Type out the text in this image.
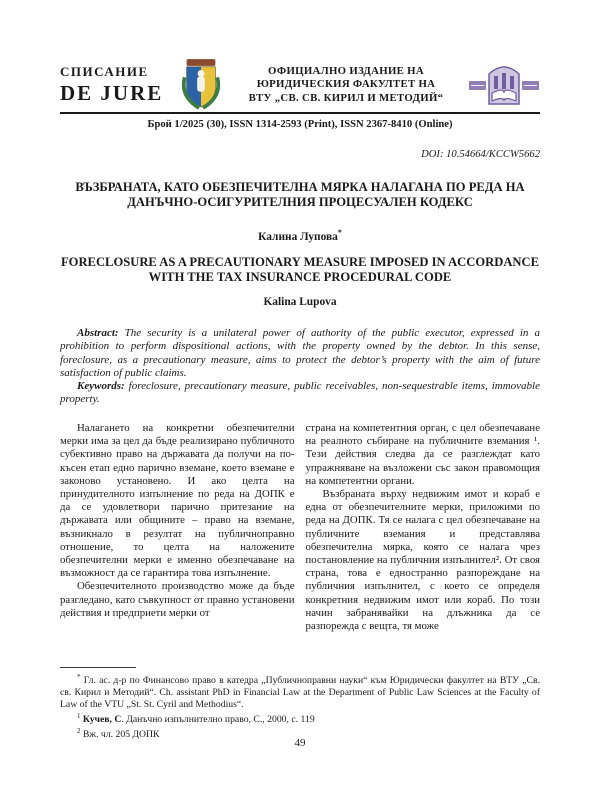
СПИСАНИЕ
DE JURE
ОФИЦИАЛНО ИЗДАНИЕ НА
ЮРИДИЧЕСКИЯ ФАКУЛТЕТ НА
ВТУ „СВ. СВ. КИРИЛ И МЕТОДИЙ“
Брой 1/2025 (30), ISSN 1314-2593 (Print), ISSN 2367-8410 (Online)
DOI: 10.54664/KCCW5662
ВЪЗБРАНАТА, КАТО ОБЕЗПЕЧИТЕЛНА МЯРКА НАЛАГАНА ПО РЕДА НА ДАНЪЧНО-ОСИГУРИТЕЛНИЯ ПРОЦЕСУАЛЕН КОДЕКС
Калина Лупова*
FORECLOSURE AS A PRECAUTIONARY MEASURE IMPOSED IN ACCORDANCE WITH THE TAX INSURANCE PROCEDURAL CODE
Kalina Lupova

Abstract: The security is a unilateral power of authority of the public executor, expressed in a prohibition to perform dispositional actions, with the property owned by the debtor. In this sense, foreclosure, as a precautionary measure, aims to protect the debtor’s property with the aim of future satisfaction of public claims.

Keywords: foreclosure, precautionary measure, public receivables, non-sequestrable items, immovable property.

Налагането на конкретни обезпечителни мерки има за цел да бъде реализирано публичното субективно право на държавата да получи на по-късен етап едно парично вземане, което вземане е законово установено. И ако целта на принудителното изпълнение по реда на ДОПК е да се удовлетвори парично притезание на държавата или общините – право на вземане, възникнало в резултат на публичноправно отношение, то целта на наложените обезпечителни мерки е именно обезпечаване на възможност да се гарантира това изпълнение.

Обезпечителното производство може да бъде разгледано, като съвкупност от правно установени действия и предприети мерки от

страна на компетентния орган, с цел обезпечаване на реалното събиране на публичните вземания ¹. Тези действия следва да се разглеждат като упражняване на възложени със закон правомощия на компетентни органи.

Възбраната върху недвижим имот и кораб е една от обезпечителните мерки, приложими по реда на ДОПК. Тя се налага с цел обезпечаване на публичните вземания и представлява обезпечителна мярка, която се налага чрез постановление на публичния изпълнител². От своя страна, това е едностранно разпореждане на публичния изпълнител, с което се определя конкретния недвижим имот или кораб. По този начин забранявайки на длъжника да се разпорежда с вещта, тя може

* Гл. ас. д-р по Финансово право в катедра „Публичноправни науки“ към Юридически факултет на ВТУ „Св. св. Кирил и Методий“. Ch. assistant PhD in Financial Law at the Department of Public Law Sciences at the Faculty of Law of the VTU „St. St. Cyril and Methodius“.

$^1$ Кучев, С. Данъчно изпълнително право, С., 2000, с. 119

$^2$ Вж. чл. 205 ДОПК

49
